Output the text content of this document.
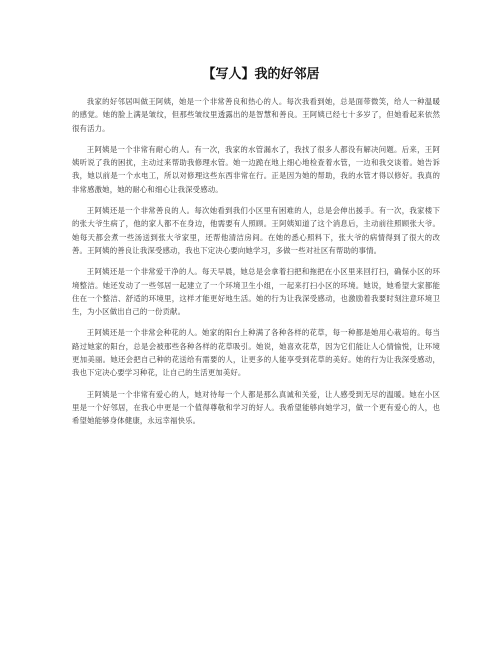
【写人】我的好邻居

我家的好邻居叫做王阿姨，她是一个非常善良和热心的人。每次我看到她，总是面带微笑，给人一种温暖的感觉。她的脸上满是皱纹，但那些皱纹里透露出的是智慧和善良。王阿姨已经七十多岁了，但她看起来依然很有活力。

王阿姨是一个非常有耐心的人。有一次，我家的水管漏水了，我找了很多人都没有解决问题。后来，王阿姨听说了我的困扰，主动过来帮助我修理水管。她一边跪在地上细心地检查着水管，一边和我交谈着。她告诉我，她以前是一个水电工，所以对修理这些东西非常在行。正是因为她的帮助，我的水管才得以修好。我真的非常感激她，她的耐心和细心让我深受感动。

王阿姨还是一个非常善良的人。每次她看到我们小区里有困难的人，总是会伸出援手。有一次，我家楼下的张大爷生病了，他的家人都不在身边，他需要有人照顾。王阿姨知道了这个消息后，主动前往照顾张大爷。她每天都会煮一些汤送到张大爷家里，还帮他清洁房间。在她的悉心照料下，张大爷的病情得到了很大的改善。王阿姨的善良让我深受感动，我也下定决心要向她学习，多做一些对社区有帮助的事情。

王阿姨还是一个非常爱干净的人。每天早晨，她总是会拿着扫把和拖把在小区里来回打扫，确保小区的环境整洁。她还发动了一些邻居一起建立了一个环境卫生小组，一起来打扫小区的环境。她说，她希望大家都能住在一个整洁、舒适的环境里，这样才能更好地生活。她的行为让我深受感动，也激励着我要时刻注意环境卫生，为小区做出自己的一份贡献。

王阿姨还是一个非常会种花的人。她家的阳台上种满了各种各样的花草，每一种都是她用心栽培的。每当路过她家的阳台，总是会被那些各种各样的花草吸引。她说，她喜欢花草，因为它们能让人心情愉悦，让环境更加美丽。她还会把自己种的花送给有需要的人，让更多的人能享受到花草的美好。她的行为让我深受感动，我也下定决心要学习种花，让自己的生活更加美好。

王阿姨是一个非常有爱心的人，她对待每一个人都是那么真诚和关爱，让人感受到无尽的温暖。她在小区里是一个好邻居，在我心中更是一个值得尊敬和学习的好人。我希望能够向她学习，做一个更有爱心的人，也希望她能够身体健康，永远幸福快乐。
